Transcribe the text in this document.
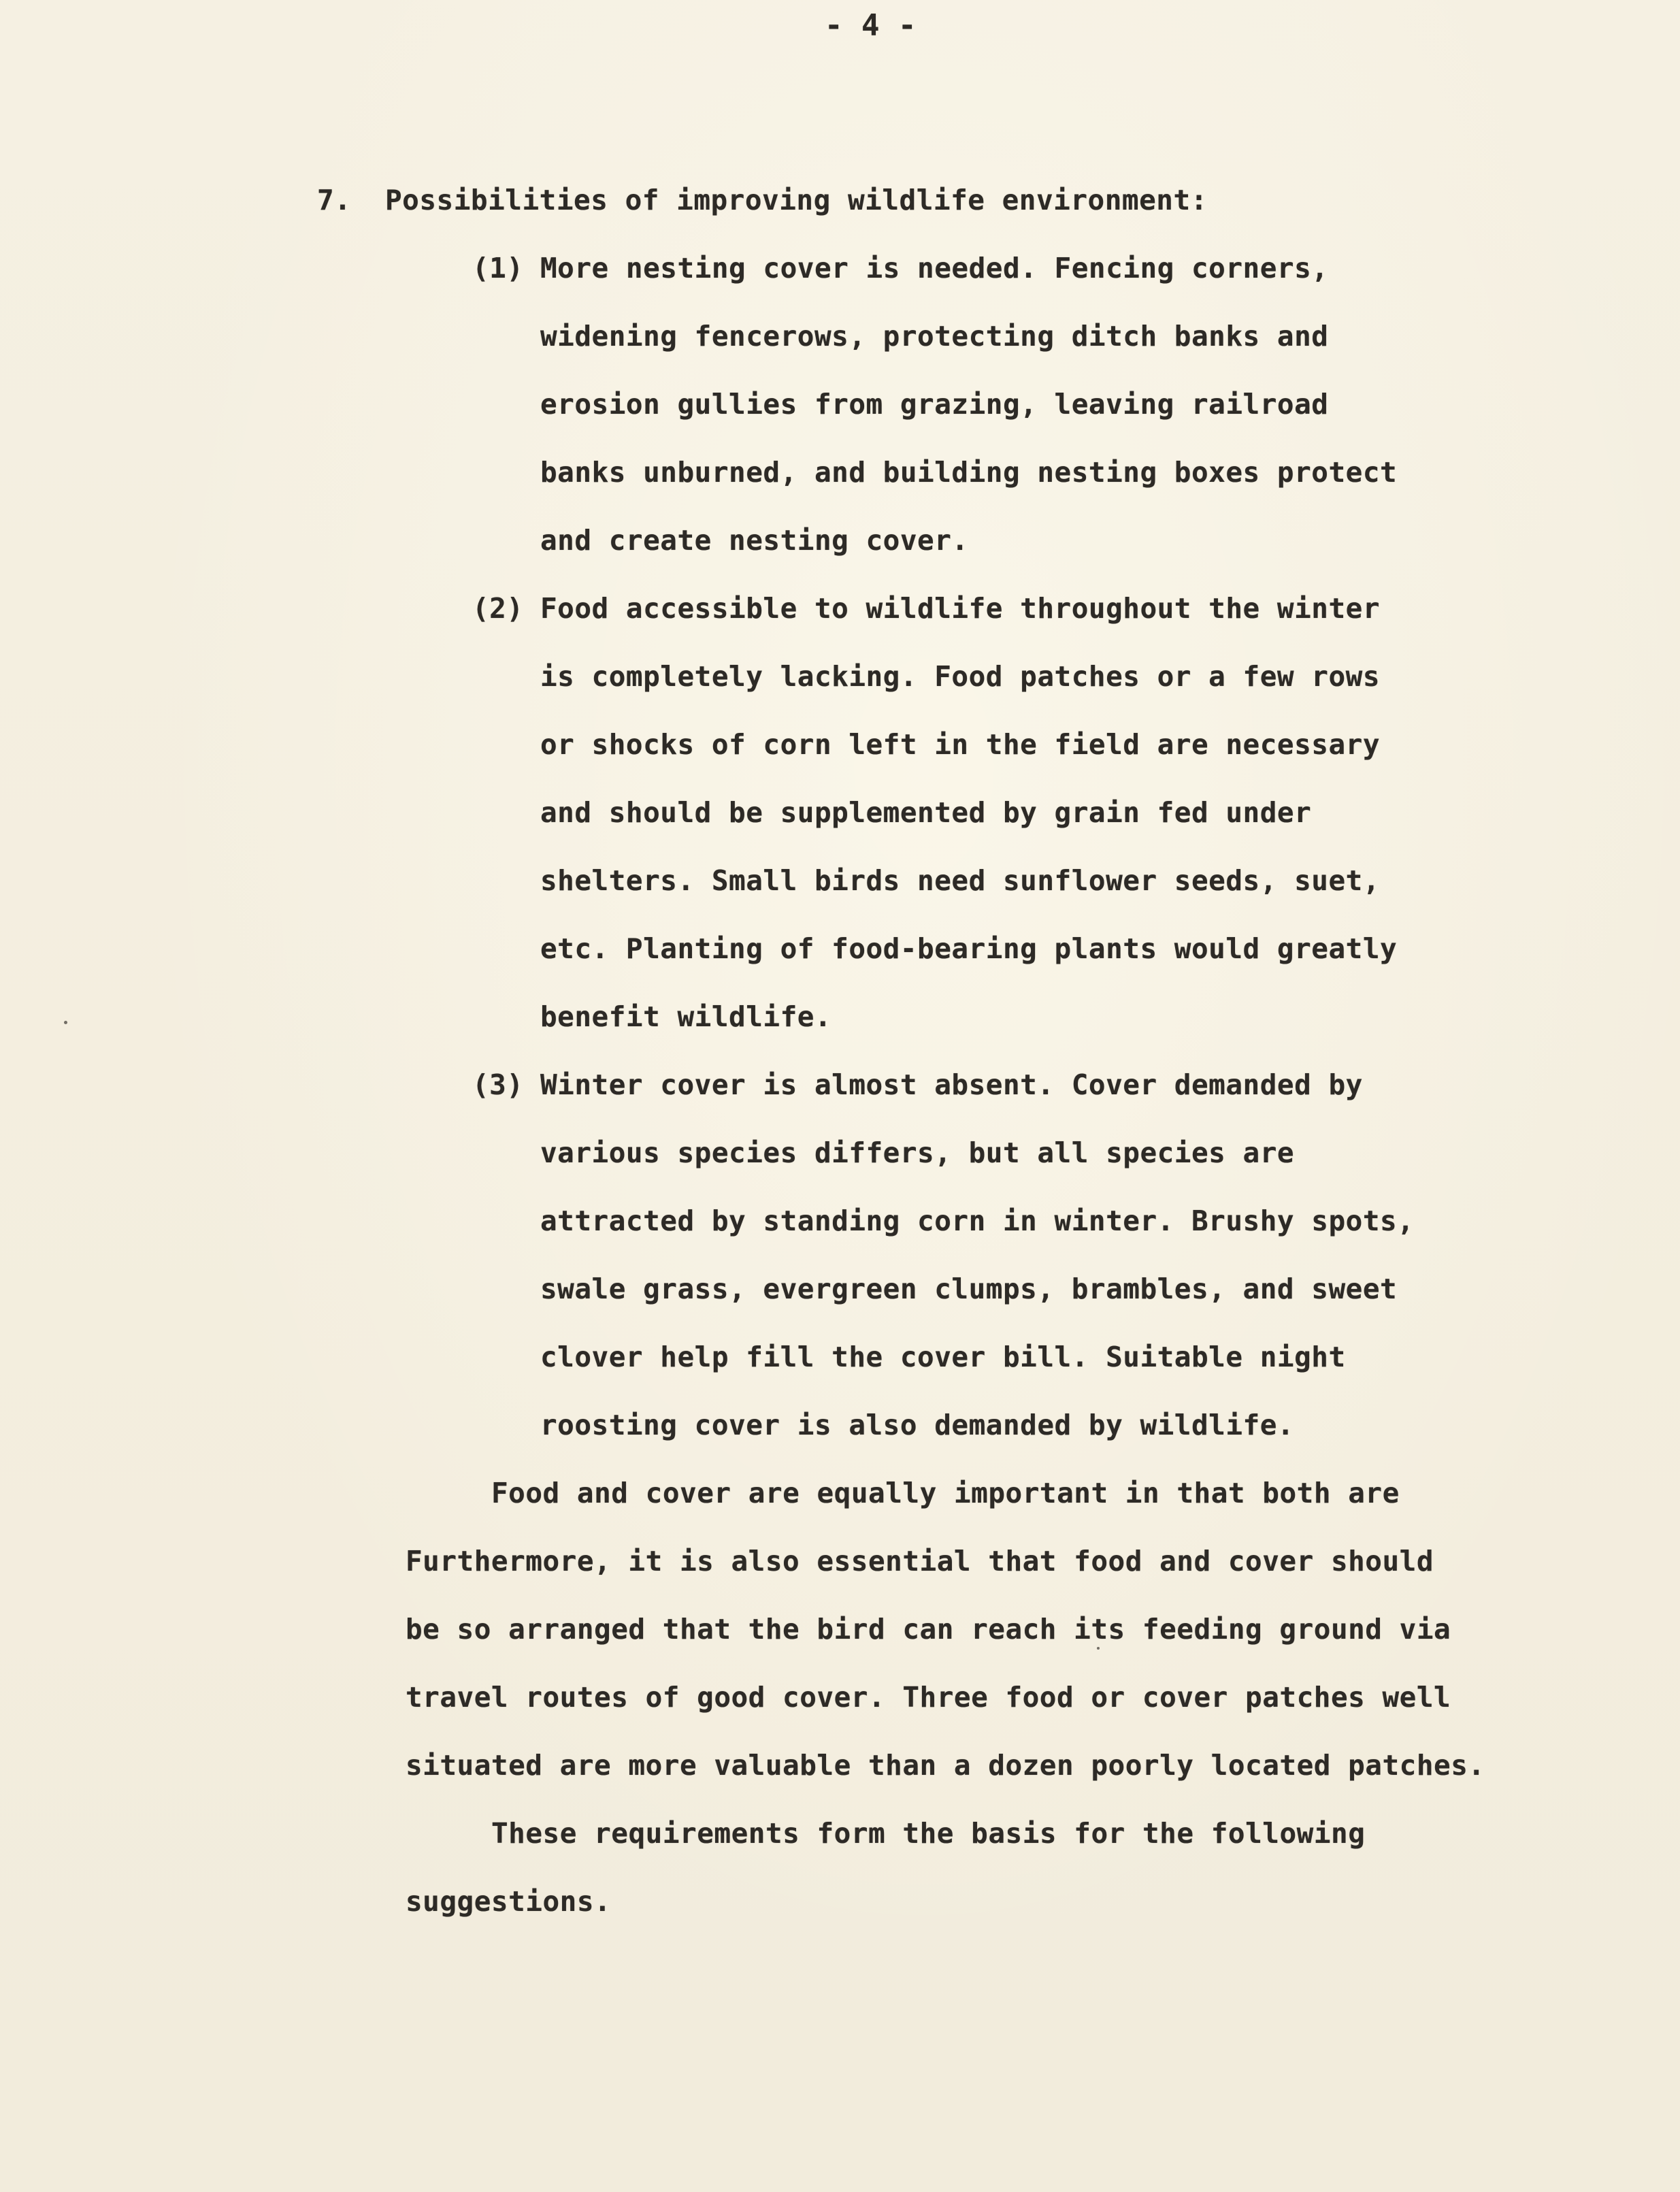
- 4 -
7. Possibilities of improving wildlife environment:
(1) More nesting cover is needed. Fencing corners,
widening fencerows, protecting ditch banks and
erosion gullies from grazing, leaving railroad
banks unburned, and building nesting boxes protect
and create nesting cover.
(2) Food accessible to wildlife throughout the winter
is completely lacking. Food patches or a few rows
or shocks of corn left in the field are necessary
and should be supplemented by grain fed under
shelters. Small birds need sunflower seeds, suet,
etc. Planting of food-bearing plants would greatly
benefit wildlife.
(3) Winter cover is almost absent. Cover demanded by
various species differs, but all species are
attracted by standing corn in winter. Brushy spots,
swale grass, evergreen clumps, brambles, and sweet
clover help fill the cover bill. Suitable night
roosting cover is also demanded by wildlife.
Food and cover are equally important in that both are
Furthermore, it is also essential that food and cover should
be so arranged that the bird can reach its feeding ground via
travel routes of good cover. Three food or cover patches well
situated are more valuable than a dozen poorly located patches.
These requirements form the basis for the following
suggestions.
